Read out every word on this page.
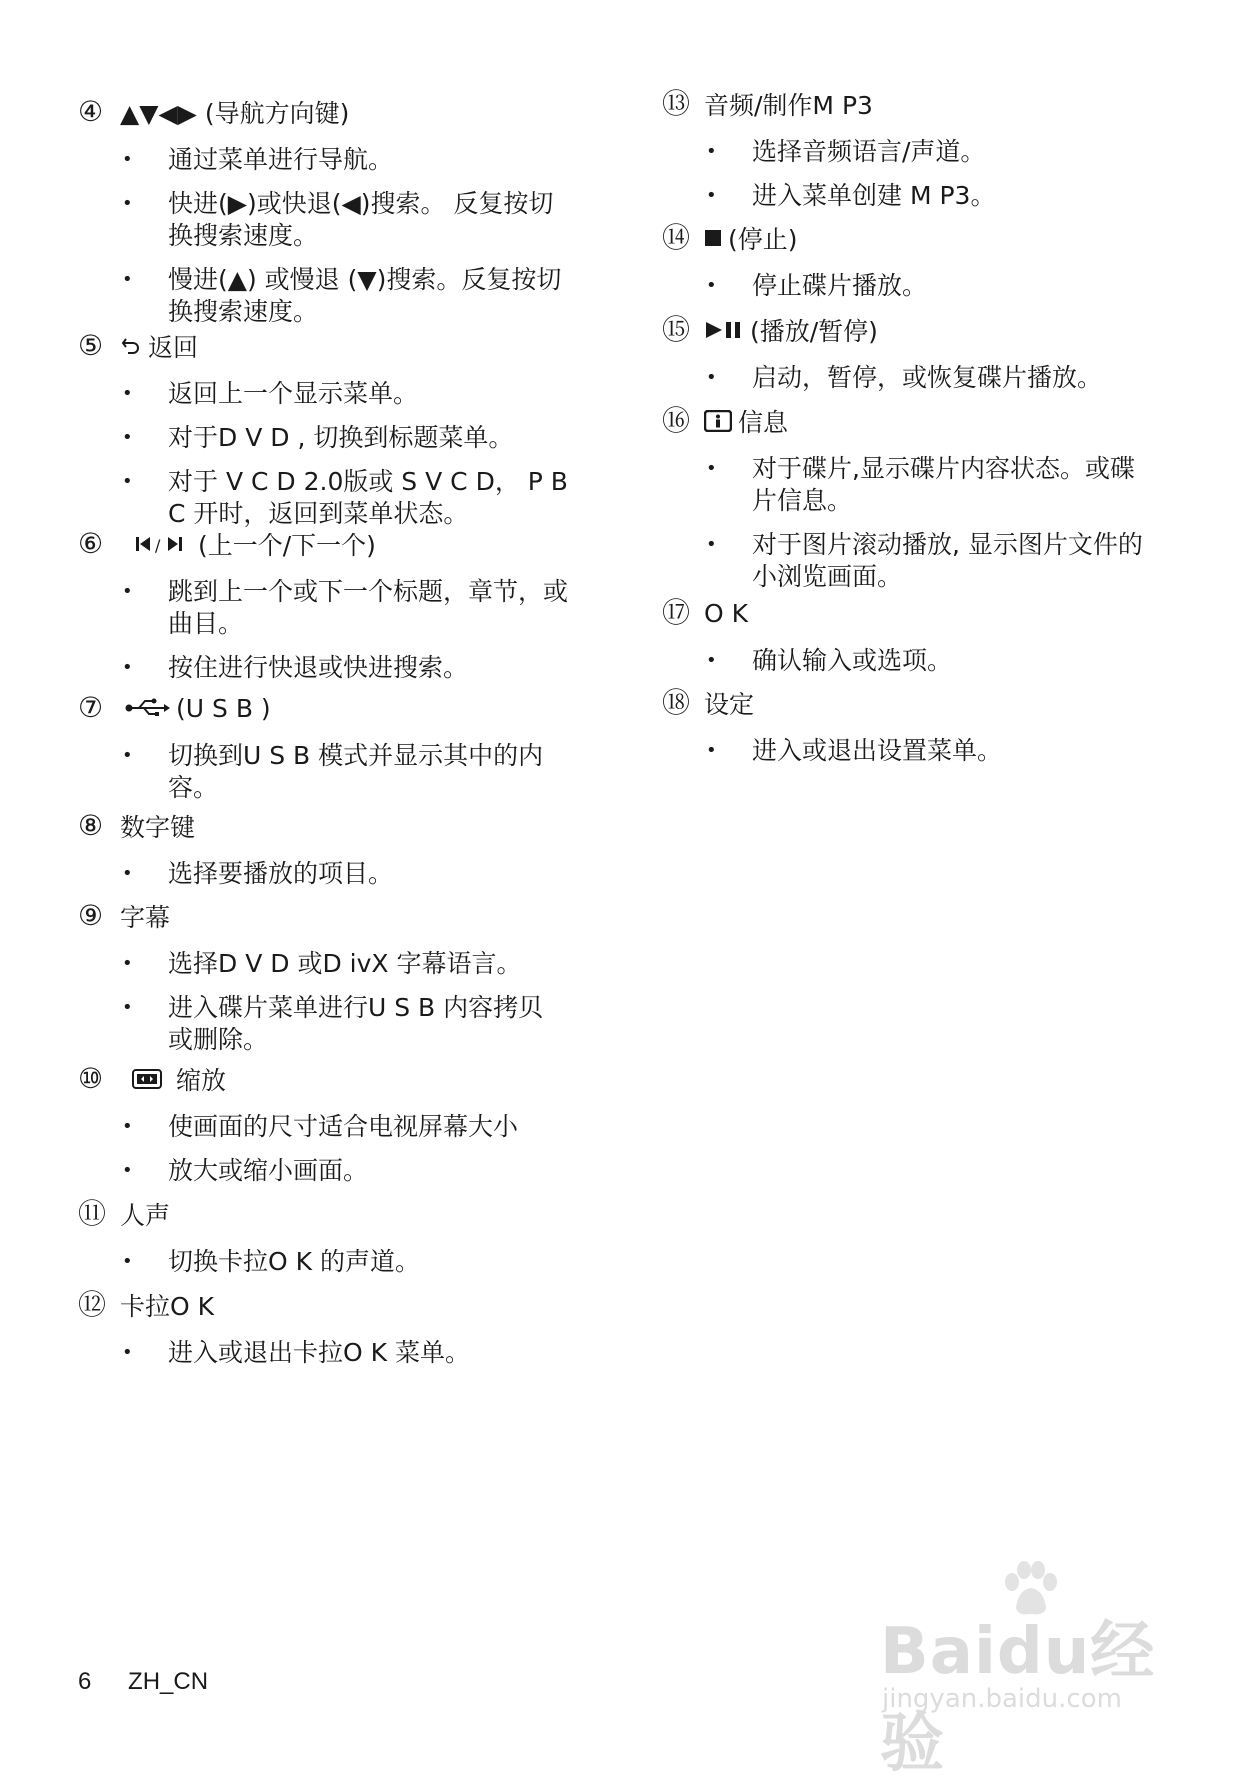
④ ▲▼◀▶ (导航方向键)
• 通过菜单进行导航。
• 快进(▶)或快退(◀)搜索。 反复按切换搜索速度。
• 慢进(▲) 或慢退 (▼)搜索。反复按切换搜索速度。
⑤	返回
• 返回上一个显示菜单。
• 对于D V D , 切换到标题菜单。
• 对于 V C D 2.0版或 S V C D， P B C 开时，返回到菜单状态。
⑥	/ (上一个/下一个)
• 跳到上一个或下一个标题，章节，或曲目。
• 按住进行快退或快进搜索。
⑦	(U S B )
• 切换到U S B 模式并显示其中的内容。
⑧ 数字键
• 选择要播放的项目。
⑨ 字幕
• 选择D V D 或D ivX 字幕语言。
• 进入碟片菜单进行U S B 内容拷贝或删除。
⑩	缩放
• 使画面的尺寸适合电视屏幕大小
• 放大或缩小画面。
⑪ 人声
• 切换卡拉O K 的声道。
⑫ 卡拉O K
• 进入或退出卡拉O K 菜单。
⑬ 音频/制作M P3
• 选择音频语言/声道。
• 进入菜单创建 M P3。
⑭	(停止)
• 停止碟片播放。
⑮	(播放/暂停)
• 启动，暂停，或恢复碟片播放。
⑯	信息
• 对于碟片,显示碟片内容状态。或碟片信息。
• 对于图片滚动播放, 显示图片文件的小浏览画面。
⑰ O K
• 确认输入或选项。
⑱ 设定
• 进入或退出设置菜单。
6 ZH_CN	Baidu经验
jingyan.baidu.com
